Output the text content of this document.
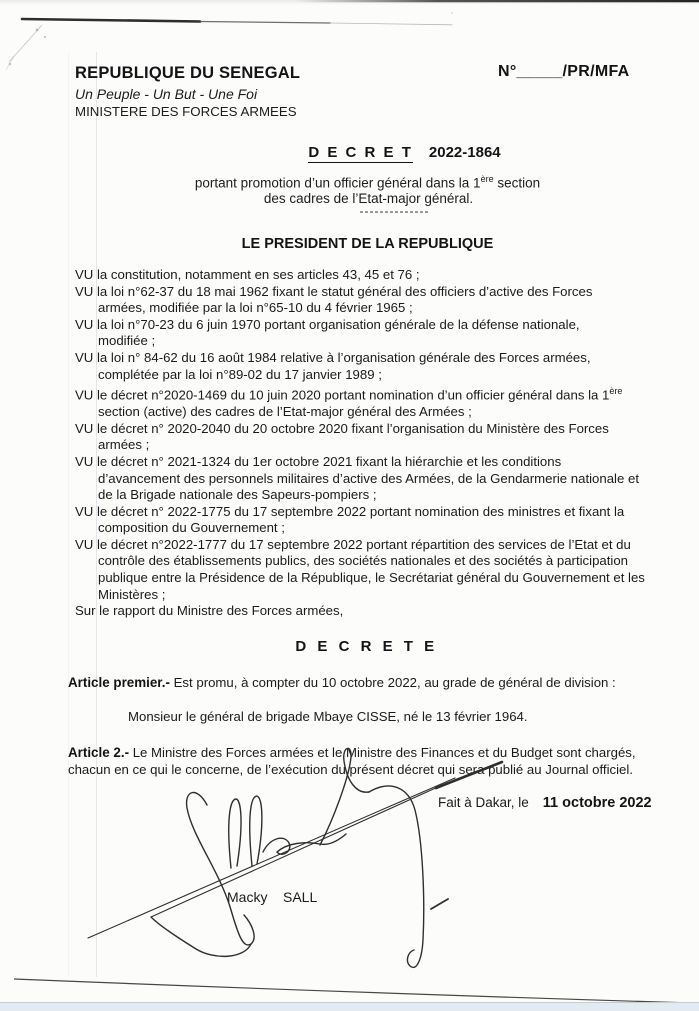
REPUBLIQUE DU SENEGAL
Un Peuple - Un But - Une Foi
MINISTERE DES FORCES ARMEES
N°_____/PR/MFA
D E C R E T 2022-1864
portant promotion d’un officier général dans la 1ère section
des cadres de l’Etat-major général.
--------------
LE PRESIDENT DE LA REPUBLIQUE
VU la constitution, notamment en ses articles 43, 45 et 76 ;
VU la loi n°62-37 du 18 mai 1962 fixant le statut général des officiers d’active des Forces
armées, modifiée par la loi n°65-10 du 4 février 1965 ;
VU la loi n°70-23 du 6 juin 1970 portant organisation générale de la défense nationale,
modifiée ;
VU la loi n° 84-62 du 16 août 1984 relative à l’organisation générale des Forces armées,
complétée par la loi n°89-02 du 17 janvier 1989 ;
VU le décret n°2020-1469 du 10 juin 2020 portant nomination d’un officier général dans la 1ère
section (active) des cadres de l’Etat-major général des Armées ;
VU le décret n° 2020-2040 du 20 octobre 2020 fixant l’organisation du Ministère des Forces
armées ;
VU le décret n° 2021-1324 du 1er octobre 2021 fixant la hiérarchie et les conditions
d’avancement des personnels militaires d’active des Armées, de la Gendarmerie nationale et
de la Brigade nationale des Sapeurs-pompiers ;
VU le décret n° 2022-1775 du 17 septembre 2022 portant nomination des ministres et fixant la
composition du Gouvernement ;
VU le décret n°2022-1777 du 17 septembre 2022 portant répartition des services de l’Etat et du
contrôle des établissements publics, des sociétés nationales et des sociétés à participation
publique entre la Présidence de la République, le Secrétariat général du Gouvernement et les
Ministères ;
Sur le rapport du Ministre des Forces armées,
D E C R E T E
Article premier.- Est promu, à compter du 10 octobre 2022, au grade de général de division :
Monsieur le général de brigade Mbaye CISSE, né le 13 février 1964.
Article 2.- Le Ministre des Forces armées et le Ministre des Finances et du Budget sont chargés,
chacun en ce qui le concerne, de l’exécution du présent décret qui sera publié au Journal officiel.
Fait à Dakar, le 11 octobre 2022
Macky    SALL
